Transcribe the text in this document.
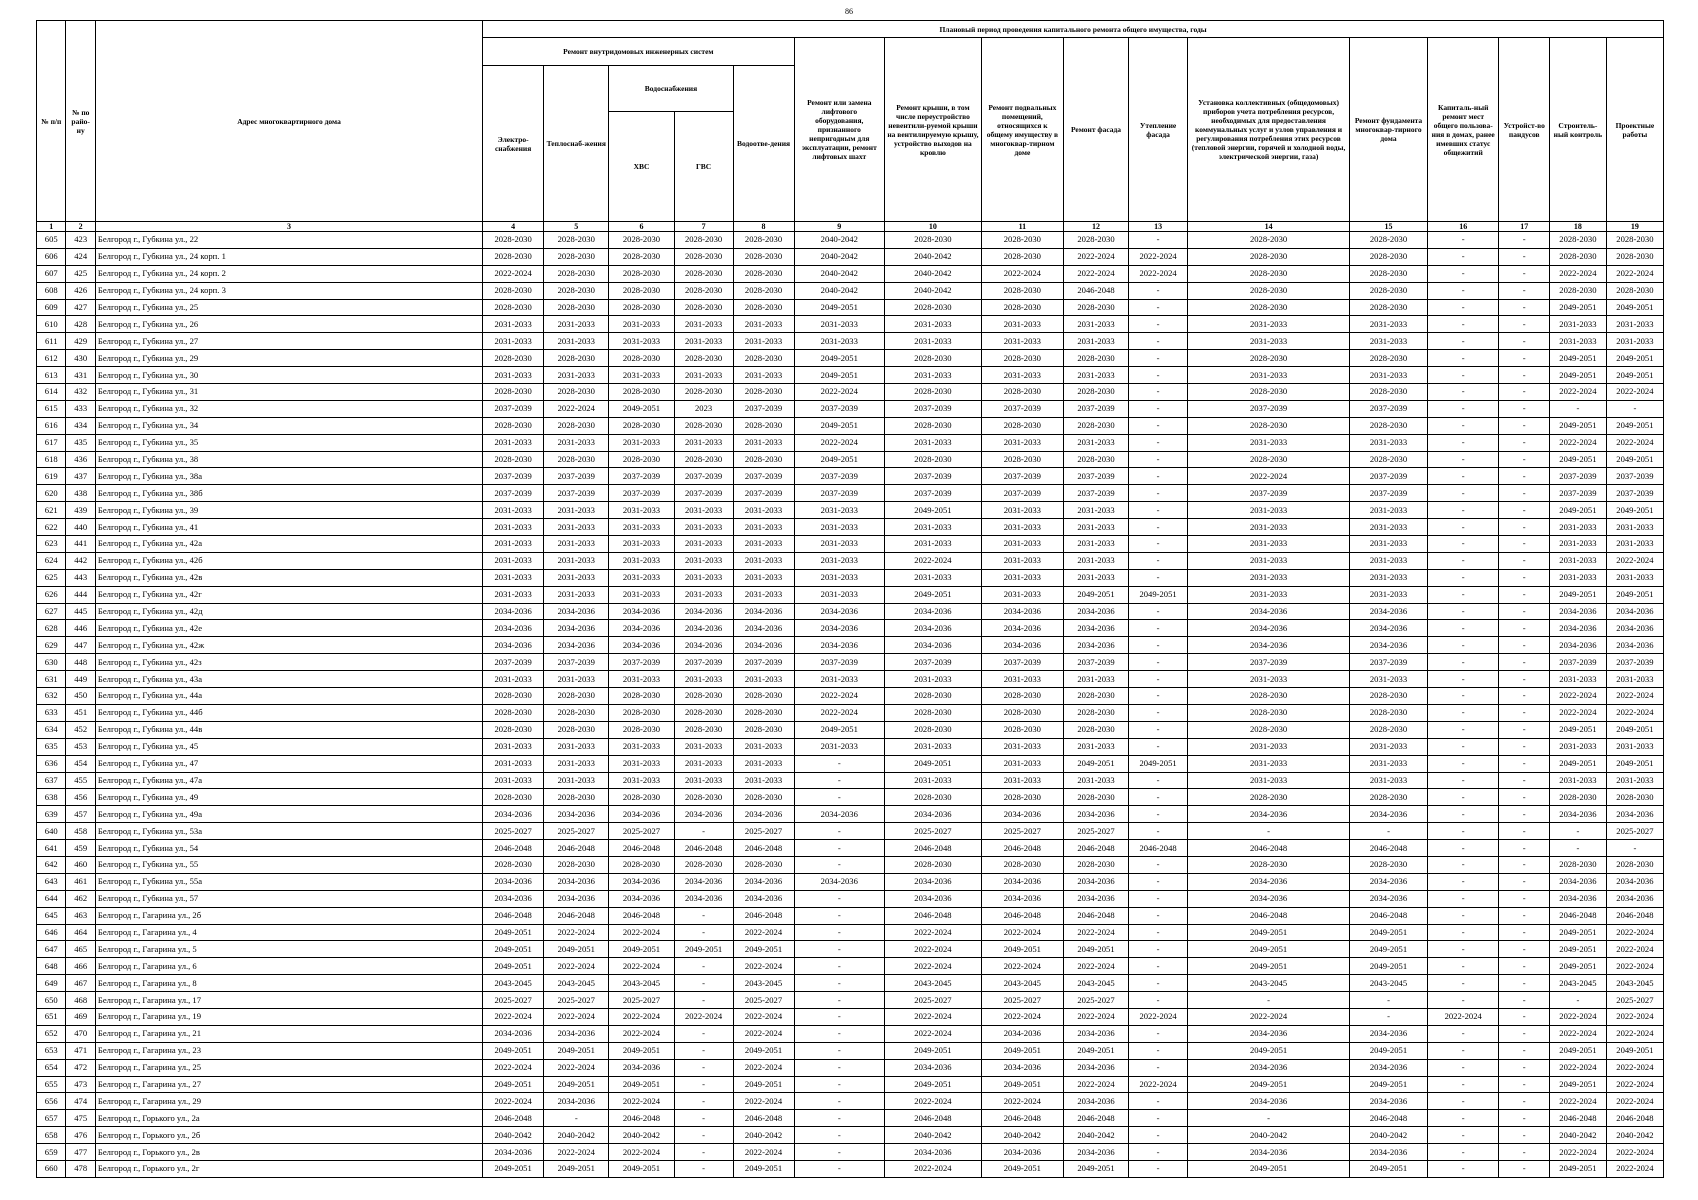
86
№ п/п	№ по райо-ну	Адрес многоквартирного дома	Плановый период проведения капитального ремонта общего имущества, годы															
			Ремонт внутридомовых инженерных систем					Ремонт или замена лифтового оборудования, признанного непригодным для эксплуатации, ремонт лифтовых шахт	Ремонт крыши, в том числе переустройство невентили-руемой крыши на вентилируемую крышу, устройство выходов на кровлю	Ремонт подвальных помещений, относящихся к общему имуществу в многоквар-тирном доме	Ремонт фасада	Утепление фасада	Установка коллективных (общедомовых) приборов учета потребления ресурсов, необходимых для предоставления коммунальных услуг и узлов управления и регулирования потребления этих ресурсов (тепловой энергии, горячей и холодной воды, электрической энергии, газа)	Ремонт фундамента многоквар-тирного дома	Капиталь-ный ремонт мест общего пользова-ния в домах, ранее имевших статус общежитий	Устройст-во пандусов	Строитель-ный контроль	Проектные работы
			Электро-снабжения	Теплоснаб-жения	Водоснабжения		Водоотве-дения											
					ХВС	ГВС												
1	2	3	4	5	6	7	8	9	10	11	12	13	14	15	16	17	18	19
605	423	Белгород г., Губкина ул., 22	2028-2030	2028-2030	2028-2030	2028-2030	2028-2030	2040-2042	2028-2030	2028-2030	2028-2030	-	2028-2030	2028-2030	-	-	2028-2030	2028-2030
606	424	Белгород г., Губкина ул., 24 корп. 1	2028-2030	2028-2030	2028-2030	2028-2030	2028-2030	2040-2042	2040-2042	2028-2030	2022-2024	2022-2024	2028-2030	2028-2030	-	-	2028-2030	2028-2030
607	425	Белгород г., Губкина ул., 24 корп. 2	2022-2024	2028-2030	2028-2030	2028-2030	2028-2030	2040-2042	2040-2042	2022-2024	2022-2024	2022-2024	2028-2030	2028-2030	-	-	2022-2024	2022-2024
608	426	Белгород г., Губкина ул., 24 корп. 3	2028-2030	2028-2030	2028-2030	2028-2030	2028-2030	2040-2042	2040-2042	2028-2030	2046-2048	-	2028-2030	2028-2030	-	-	2028-2030	2028-2030
609	427	Белгород г., Губкина ул., 25	2028-2030	2028-2030	2028-2030	2028-2030	2028-2030	2049-2051	2028-2030	2028-2030	2028-2030	-	2028-2030	2028-2030	-	-	2049-2051	2049-2051
610	428	Белгород г., Губкина ул., 26	2031-2033	2031-2033	2031-2033	2031-2033	2031-2033	2031-2033	2031-2033	2031-2033	2031-2033	-	2031-2033	2031-2033	-	-	2031-2033	2031-2033
611	429	Белгород г., Губкина ул., 27	2031-2033	2031-2033	2031-2033	2031-2033	2031-2033	2031-2033	2031-2033	2031-2033	2031-2033	-	2031-2033	2031-2033	-	-	2031-2033	2031-2033
612	430	Белгород г., Губкина ул., 29	2028-2030	2028-2030	2028-2030	2028-2030	2028-2030	2049-2051	2028-2030	2028-2030	2028-2030	-	2028-2030	2028-2030	-	-	2049-2051	2049-2051
613	431	Белгород г., Губкина ул., 30	2031-2033	2031-2033	2031-2033	2031-2033	2031-2033	2049-2051	2031-2033	2031-2033	2031-2033	-	2031-2033	2031-2033	-	-	2049-2051	2049-2051
614	432	Белгород г., Губкина ул., 31	2028-2030	2028-2030	2028-2030	2028-2030	2028-2030	2022-2024	2028-2030	2028-2030	2028-2030	-	2028-2030	2028-2030	-	-	2022-2024	2022-2024
615	433	Белгород г., Губкина ул., 32	2037-2039	2022-2024	2049-2051	2023	2037-2039	2037-2039	2037-2039	2037-2039	2037-2039	-	2037-2039	2037-2039	-	-	-	-
616	434	Белгород г., Губкина ул., 34	2028-2030	2028-2030	2028-2030	2028-2030	2028-2030	2049-2051	2028-2030	2028-2030	2028-2030	-	2028-2030	2028-2030	-	-	2049-2051	2049-2051
617	435	Белгород г., Губкина ул., 35	2031-2033	2031-2033	2031-2033	2031-2033	2031-2033	2022-2024	2031-2033	2031-2033	2031-2033	-	2031-2033	2031-2033	-	-	2022-2024	2022-2024
618	436	Белгород г., Губкина ул., 38	2028-2030	2028-2030	2028-2030	2028-2030	2028-2030	2049-2051	2028-2030	2028-2030	2028-2030	-	2028-2030	2028-2030	-	-	2049-2051	2049-2051
619	437	Белгород г., Губкина ул., 38а	2037-2039	2037-2039	2037-2039	2037-2039	2037-2039	2037-2039	2037-2039	2037-2039	2037-2039	-	2022-2024	2037-2039	-	-	2037-2039	2037-2039
620	438	Белгород г., Губкина ул., 38б	2037-2039	2037-2039	2037-2039	2037-2039	2037-2039	2037-2039	2037-2039	2037-2039	2037-2039	-	2037-2039	2037-2039	-	-	2037-2039	2037-2039
621	439	Белгород г., Губкина ул., 39	2031-2033	2031-2033	2031-2033	2031-2033	2031-2033	2031-2033	2049-2051	2031-2033	2031-2033	-	2031-2033	2031-2033	-	-	2049-2051	2049-2051
622	440	Белгород г., Губкина ул., 41	2031-2033	2031-2033	2031-2033	2031-2033	2031-2033	2031-2033	2031-2033	2031-2033	2031-2033	-	2031-2033	2031-2033	-	-	2031-2033	2031-2033
623	441	Белгород г., Губкина ул., 42а	2031-2033	2031-2033	2031-2033	2031-2033	2031-2033	2031-2033	2031-2033	2031-2033	2031-2033	-	2031-2033	2031-2033	-	-	2031-2033	2031-2033
624	442	Белгород г., Губкина ул., 42б	2031-2033	2031-2033	2031-2033	2031-2033	2031-2033	2031-2033	2022-2024	2031-2033	2031-2033	-	2031-2033	2031-2033	-	-	2031-2033	2022-2024
625	443	Белгород г., Губкина ул., 42в	2031-2033	2031-2033	2031-2033	2031-2033	2031-2033	2031-2033	2031-2033	2031-2033	2031-2033	-	2031-2033	2031-2033	-	-	2031-2033	2031-2033
626	444	Белгород г., Губкина ул., 42г	2031-2033	2031-2033	2031-2033	2031-2033	2031-2033	2031-2033	2049-2051	2031-2033	2049-2051	2049-2051	2031-2033	2031-2033	-	-	2049-2051	2049-2051
627	445	Белгород г., Губкина ул., 42д	2034-2036	2034-2036	2034-2036	2034-2036	2034-2036	2034-2036	2034-2036	2034-2036	2034-2036	-	2034-2036	2034-2036	-	-	2034-2036	2034-2036
628	446	Белгород г., Губкина ул., 42е	2034-2036	2034-2036	2034-2036	2034-2036	2034-2036	2034-2036	2034-2036	2034-2036	2034-2036	-	2034-2036	2034-2036	-	-	2034-2036	2034-2036
629	447	Белгород г., Губкина ул., 42ж	2034-2036	2034-2036	2034-2036	2034-2036	2034-2036	2034-2036	2034-2036	2034-2036	2034-2036	-	2034-2036	2034-2036	-	-	2034-2036	2034-2036
630	448	Белгород г., Губкина ул., 42з	2037-2039	2037-2039	2037-2039	2037-2039	2037-2039	2037-2039	2037-2039	2037-2039	2037-2039	-	2037-2039	2037-2039	-	-	2037-2039	2037-2039
631	449	Белгород г., Губкина ул., 43а	2031-2033	2031-2033	2031-2033	2031-2033	2031-2033	2031-2033	2031-2033	2031-2033	2031-2033	-	2031-2033	2031-2033	-	-	2031-2033	2031-2033
632	450	Белгород г., Губкина ул., 44а	2028-2030	2028-2030	2028-2030	2028-2030	2028-2030	2022-2024	2028-2030	2028-2030	2028-2030	-	2028-2030	2028-2030	-	-	2022-2024	2022-2024
633	451	Белгород г., Губкина ул., 44б	2028-2030	2028-2030	2028-2030	2028-2030	2028-2030	2022-2024	2028-2030	2028-2030	2028-2030	-	2028-2030	2028-2030	-	-	2022-2024	2022-2024
634	452	Белгород г., Губкина ул., 44в	2028-2030	2028-2030	2028-2030	2028-2030	2028-2030	2049-2051	2028-2030	2028-2030	2028-2030	-	2028-2030	2028-2030	-	-	2049-2051	2049-2051
635	453	Белгород г., Губкина ул., 45	2031-2033	2031-2033	2031-2033	2031-2033	2031-2033	2031-2033	2031-2033	2031-2033	2031-2033	-	2031-2033	2031-2033	-	-	2031-2033	2031-2033
636	454	Белгород г., Губкина ул., 47	2031-2033	2031-2033	2031-2033	2031-2033	2031-2033	-	2049-2051	2031-2033	2049-2051	2049-2051	2031-2033	2031-2033	-	-	2049-2051	2049-2051
637	455	Белгород г., Губкина ул., 47а	2031-2033	2031-2033	2031-2033	2031-2033	2031-2033	-	2031-2033	2031-2033	2031-2033	-	2031-2033	2031-2033	-	-	2031-2033	2031-2033
638	456	Белгород г., Губкина ул., 49	2028-2030	2028-2030	2028-2030	2028-2030	2028-2030	-	2028-2030	2028-2030	2028-2030	-	2028-2030	2028-2030	-	-	2028-2030	2028-2030
639	457	Белгород г., Губкина ул., 49а	2034-2036	2034-2036	2034-2036	2034-2036	2034-2036	2034-2036	2034-2036	2034-2036	2034-2036	-	2034-2036	2034-2036	-	-	2034-2036	2034-2036
640	458	Белгород г., Губкина ул., 53а	2025-2027	2025-2027	2025-2027	-	2025-2027	-	2025-2027	2025-2027	2025-2027	-	-	-	-	-	-	2025-2027
641	459	Белгород г., Губкина ул., 54	2046-2048	2046-2048	2046-2048	2046-2048	2046-2048	-	2046-2048	2046-2048	2046-2048	2046-2048	2046-2048	2046-2048	-	-	-	-
642	460	Белгород г., Губкина ул., 55	2028-2030	2028-2030	2028-2030	2028-2030	2028-2030	-	2028-2030	2028-2030	2028-2030	-	2028-2030	2028-2030	-	-	2028-2030	2028-2030
643	461	Белгород г., Губкина ул., 55а	2034-2036	2034-2036	2034-2036	2034-2036	2034-2036	2034-2036	2034-2036	2034-2036	2034-2036	-	2034-2036	2034-2036	-	-	2034-2036	2034-2036
644	462	Белгород г., Губкина ул., 57	2034-2036	2034-2036	2034-2036	2034-2036	2034-2036	-	2034-2036	2034-2036	2034-2036	-	2034-2036	2034-2036	-	-	2034-2036	2034-2036
645	463	Белгород г., Гагарина ул., 2б	2046-2048	2046-2048	2046-2048	-	2046-2048	-	2046-2048	2046-2048	2046-2048	-	2046-2048	2046-2048	-	-	2046-2048	2046-2048
646	464	Белгород г., Гагарина ул., 4	2049-2051	2022-2024	2022-2024	-	2022-2024	-	2022-2024	2022-2024	2022-2024	-	2049-2051	2049-2051	-	-	2049-2051	2022-2024
647	465	Белгород г., Гагарина ул., 5	2049-2051	2049-2051	2049-2051	2049-2051	2049-2051	-	2022-2024	2049-2051	2049-2051	-	2049-2051	2049-2051	-	-	2049-2051	2022-2024
648	466	Белгород г., Гагарина ул., 6	2049-2051	2022-2024	2022-2024	-	2022-2024	-	2022-2024	2022-2024	2022-2024	-	2049-2051	2049-2051	-	-	2049-2051	2022-2024
649	467	Белгород г., Гагарина ул., 8	2043-2045	2043-2045	2043-2045	-	2043-2045	-	2043-2045	2043-2045	2043-2045	-	2043-2045	2043-2045	-	-	2043-2045	2043-2045
650	468	Белгород г., Гагарина ул., 17	2025-2027	2025-2027	2025-2027	-	2025-2027	-	2025-2027	2025-2027	2025-2027	-	-	-	-	-	-	2025-2027
651	469	Белгород г., Гагарина ул., 19	2022-2024	2022-2024	2022-2024	2022-2024	2022-2024	-	2022-2024	2022-2024	2022-2024	2022-2024	2022-2024	-	2022-2024	-	2022-2024	2022-2024
652	470	Белгород г., Гагарина ул., 21	2034-2036	2034-2036	2022-2024	-	2022-2024	-	2022-2024	2034-2036	2034-2036	-	2034-2036	2034-2036	-	-	2022-2024	2022-2024
653	471	Белгород г., Гагарина ул., 23	2049-2051	2049-2051	2049-2051	-	2049-2051	-	2049-2051	2049-2051	2049-2051	-	2049-2051	2049-2051	-	-	2049-2051	2049-2051
654	472	Белгород г., Гагарина ул., 25	2022-2024	2022-2024	2034-2036	-	2022-2024	-	2034-2036	2034-2036	2034-2036	-	2034-2036	2034-2036	-	-	2022-2024	2022-2024
655	473	Белгород г., Гагарина ул., 27	2049-2051	2049-2051	2049-2051	-	2049-2051	-	2049-2051	2049-2051	2022-2024	2022-2024	2049-2051	2049-2051	-	-	2049-2051	2022-2024
656	474	Белгород г., Гагарина ул., 29	2022-2024	2034-2036	2022-2024	-	2022-2024	-	2022-2024	2022-2024	2034-2036	-	2034-2036	2034-2036	-	-	2022-2024	2022-2024
657	475	Белгород г., Горького ул., 2а	2046-2048	-	2046-2048	-	2046-2048	-	2046-2048	2046-2048	2046-2048	-	-	2046-2048	-	-	2046-2048	2046-2048
658	476	Белгород г., Горького ул., 2б	2040-2042	2040-2042	2040-2042	-	2040-2042	-	2040-2042	2040-2042	2040-2042	-	2040-2042	2040-2042	-	-	2040-2042	2040-2042
659	477	Белгород г., Горького ул., 2в	2034-2036	2022-2024	2022-2024	-	2022-2024	-	2034-2036	2034-2036	2034-2036	-	2034-2036	2034-2036	-	-	2022-2024	2022-2024
660	478	Белгород г., Горького ул., 2г	2049-2051	2049-2051	2049-2051	-	2049-2051	-	2022-2024	2049-2051	2049-2051	-	2049-2051	2049-2051	-	-	2049-2051	2022-2024
